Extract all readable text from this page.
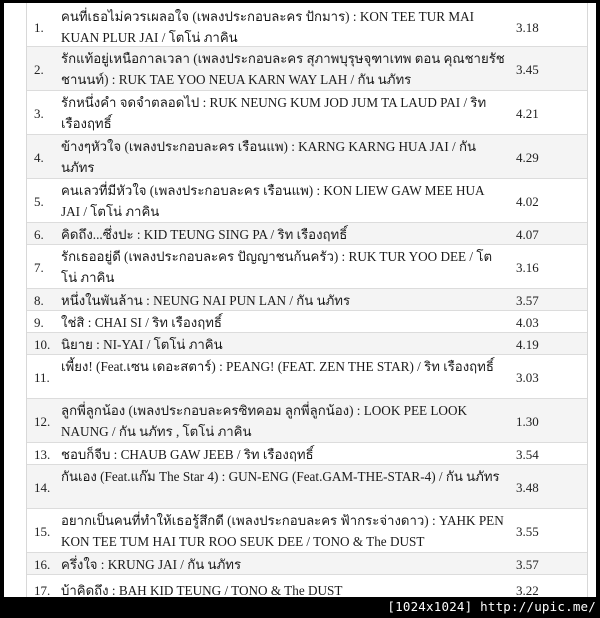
1.
คนที่เธอไม่ควรเผลอใจ (เพลงประกอบละคร ปักมาร) : KON TEE TUR MAI KUAN PLUR JAI / โตโน่ ภาคิน
3.18
2.
รักแท้อยู่เหนือกาลเวลา (เพลงประกอบละคร สุภาพบุรุษจุฑาเทพ ตอน คุณชายรัชชานนท์) : RUK TAE YOO NEUA KARN WAY LAH / กัน นภัทร
3.45
3.
รักหนึ่งคำ จดจำตลอดไป : RUK NEUNG KUM JOD JUM TA LAUD PAI / ริท เรืองฤทธิ์
4.21
4.
ข้างๆหัวใจ (เพลงประกอบละคร เรือนแพ) : KARNG KARNG HUA JAI / กัน นภัทร
4.29
5.
คนเลวที่มีหัวใจ (เพลงประกอบละคร เรือนแพ) : KON LIEW GAW MEE HUA JAI / โตโน่ ภาคิน
4.02
6.	คิดถึง...ซึ่งปะ : KID TEUNG SING PA / ริท เรืองฤทธิ์	4.07
7.
รักเธออยู่ดี (เพลงประกอบละคร ปัญญาชนก้นครัว) : RUK TUR YOO DEE / โตโน่ ภาคิน
3.16
8.	หนึ่งในพันล้าน : NEUNG NAI PUN LAN / กัน นภัทร	3.57
9.	ใช่สิ : CHAI SI / ริท เรืองฤทธิ์	4.03
10. นิยาย : NI-YAI / โตโน่ ภาคิน	4.19
11.
เพี้ยง! (Feat.เซน เดอะสตาร์) : PEANG! (FEAT. ZEN THE STAR) / ริท เรืองฤทธิ์
3.03
12.
ลูกพี่ลูกน้อง (เพลงประกอบละครซิทคอม ลูกพี่ลูกน้อง) : LOOK PEE LOOK NAUNG / กัน นภัทร , โตโน่ ภาคิน
1.30
13. ชอบก็จีบ : CHAUB GAW JEEB / ริท เรืองฤทธิ์	3.54
14.
กันเอง (Feat.แก๊ม The Star 4) : GUN-ENG (Feat.GAM-THE-STAR-4) / กัน นภัทร
3.48
15.
อยากเป็นคนที่ทำให้เธอรู้สึกดี (เพลงประกอบละคร ฟ้ากระจ่างดาว) : YAHK PEN KON TEE TUM HAI TUR ROO SEUK DEE / TONO & The DUST
3.55
16. ครึ่งใจ : KRUNG JAI / กัน นภัทร	3.57
17. บ้าคิดถึง : BAH KID TEUNG / TONO & The DUST	3.22
[1024x1024] http://upic.me/
